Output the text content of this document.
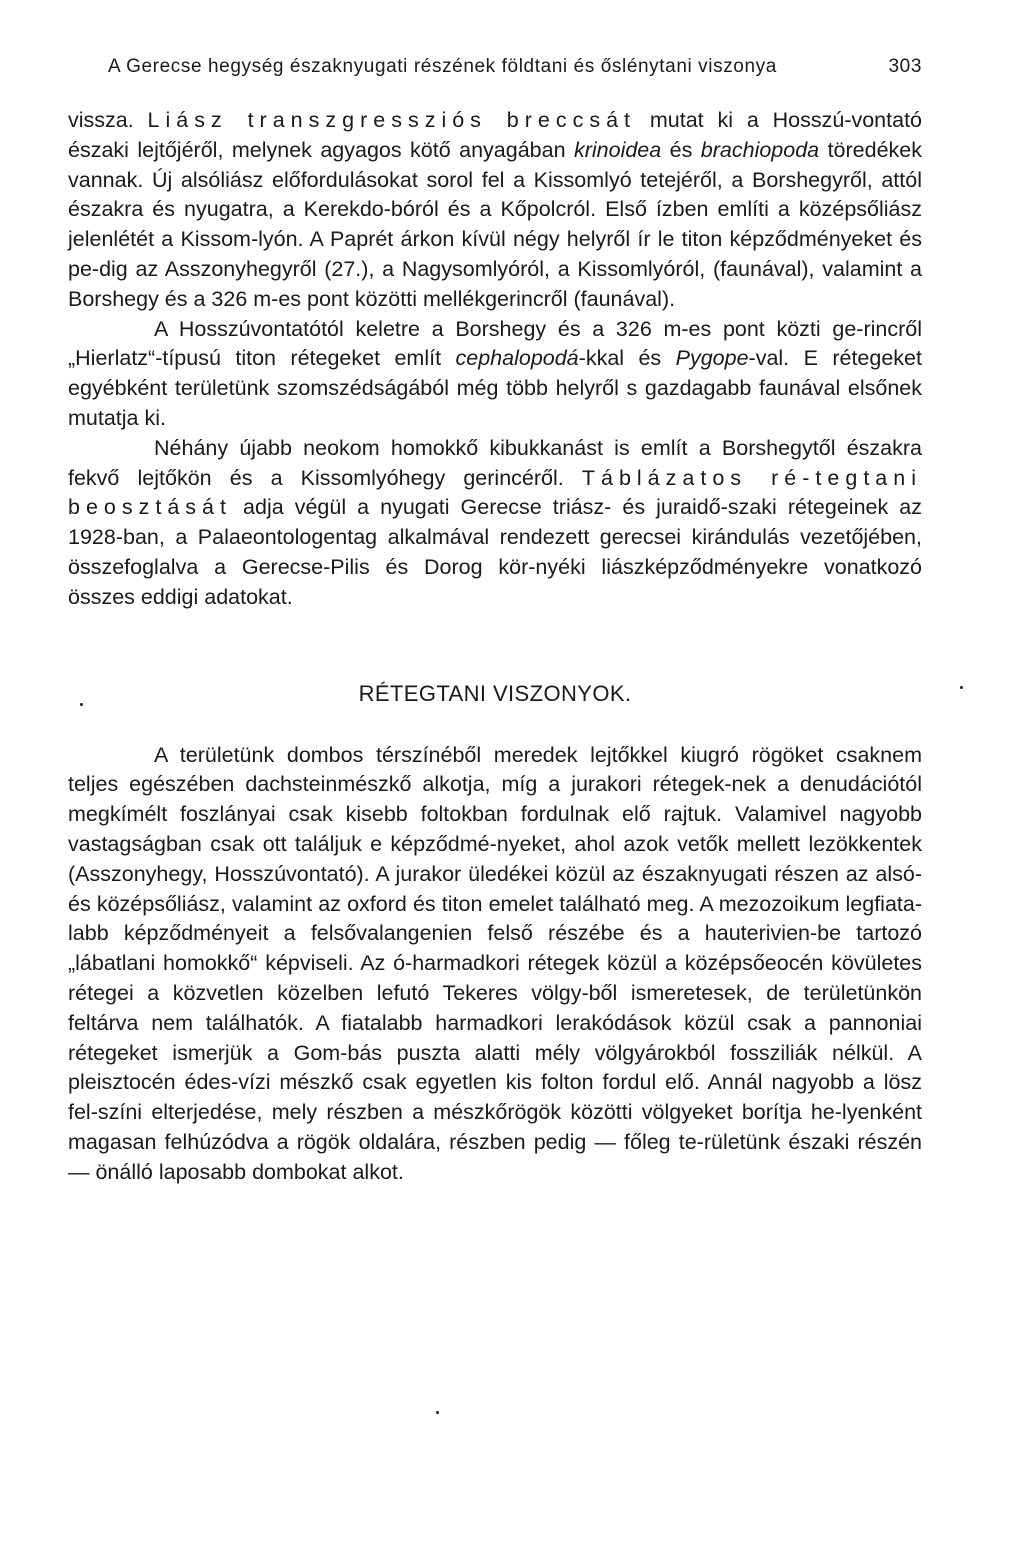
A Gerecse hegység északnyugati részének földtani és őslénytani viszonya	303

vissza. Liász transzgressziós breccsát mutat ki a Hosszú-vontató északi lejtőjéről, melynek agyagos kötő anyagában krinoidea és brachiopoda töredékek vannak. Új alsóliász előfordulásokat sorol fel a Kissomlyó tetejéről, a Borshegyről, attól északra és nyugatra, a Kerekdo-bóról és a Kőpolcról. Első ízben említi a középsőliász jelenlétét a Kissom-lyón. A Paprét árkon kívül négy helyről ír le titon képződményeket és pe-dig az Asszonyhegyről (27.), a Nagysomlyóról, a Kissomlyóról, (faunával), valamint a Borshegy és a 326 m-es pont közötti mellékgerincről (faunával).

A Hosszúvontatótól keletre a Borshegy és a 326 m-es pont közti ge-rincről „Hierlatz“-típusú titon rétegeket említ cephalopodá-kkal és Pygope-val. E rétegeket egyébként területünk szomszédságából még több helyről s gazdagabb faunával elsőnek mutatja ki.

Néhány újabb neokom homokkő kibukkanást is említ a Borshegytől északra fekvő lejtőkön és a Kissomlyóhegy gerincéről. Táblázatos ré-tegtani beosztását adja végül a nyugati Gerecse triász- és juraidő-szaki rétegeinek az 1928-ban, a Palaeontologentag alkalmával rendezett gerecsei kirándulás vezetőjében, összefoglalva a Gerecse-Pilis és Dorog kör-nyéki liászképződményekre vonatkozó összes eddigi adatokat.

RÉTEGTANI VISZONYOK.

A területünk dombos térszínéből meredek lejtőkkel kiugró rögöket csaknem teljes egészében dachsteinmészkő alkotja, míg a jurakori rétegek-nek a denudációtól megkímélt foszlányai csak kisebb foltokban fordulnak elő rajtuk. Valamivel nagyobb vastagságban csak ott találjuk e képződmé-nyeket, ahol azok vetők mellett lezökkentek (Asszonyhegy, Hosszúvontató). A jurakor üledékei közül az északnyugati részen az alsó- és középsőliász, valamint az oxford és titon emelet található meg. A mezozoikum legfiata-labb képződményeit a felsővalangenien felső részébe és a hauterivien-be tartozó „lábatlani homokkő“ képviseli. Az ó-harmadkori rétegek közül a középsőeocén kövületes rétegei a közvetlen közelben lefutó Tekeres völgy-ből ismeretesek, de területünkön feltárva nem találhatók. A fiatalabb harmadkori lerakódások közül csak a pannoniai rétegeket ismerjük a Gom-bás puszta alatti mély völgyárokból fossziliák nélkül. A pleisztocén édes-vízi mészkő csak egyetlen kis folton fordul elő. Annál nagyobb a lösz fel-színi elterjedése, mely részben a mészkőrögök közötti völgyeket borítja he-lyenként magasan felhúzódva a rögök oldalára, részben pedig — főleg te-rületünk északi részén — önálló laposabb dombokat alkot.
